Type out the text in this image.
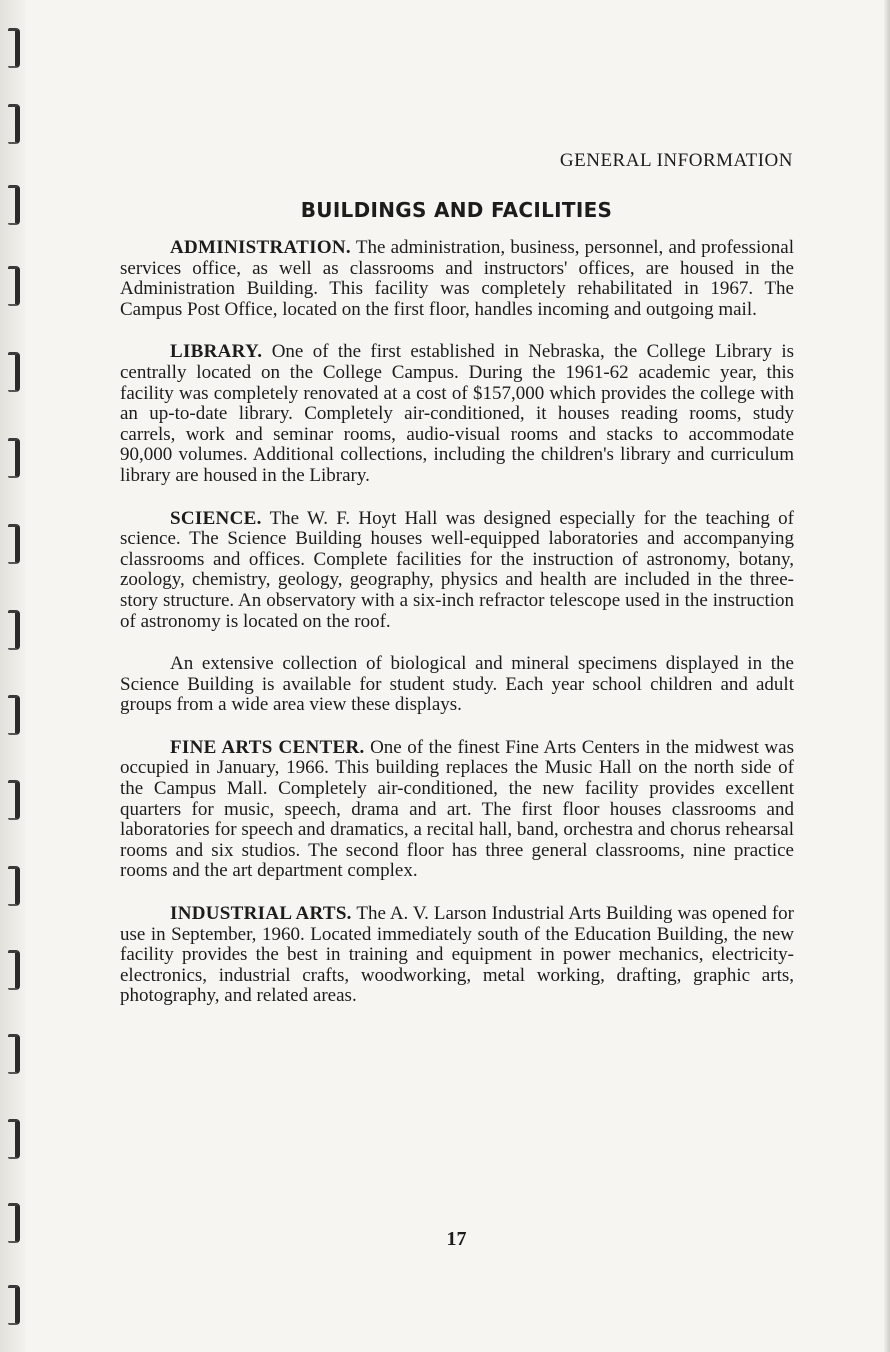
GENERAL INFORMATION
BUILDINGS AND FACILITIES

ADMINISTRATION. The administration, business, personnel, and professional services office, as well as classrooms and instructors' offices, are housed in the Administration Building. This facility was completely rehabilitated in 1967. The Campus Post Office, located on the first floor, handles incoming and outgoing mail.

LIBRARY. One of the first established in Nebraska, the College Library is centrally located on the College Campus. During the 1961-62 academic year, this facility was completely renovated at a cost of $157,000 which provides the college with an up-to-date library. Completely air-conditioned, it houses reading rooms, study carrels, work and seminar rooms, audio-visual rooms and stacks to accommodate 90,000 volumes. Additional collections, including the children's library and curriculum library are housed in the Library.

SCIENCE. The W. F. Hoyt Hall was designed especially for the teaching of science. The Science Building houses well-equipped laboratories and accompanying classrooms and offices. Complete facilities for the instruction of astronomy, botany, zoology, chemistry, geology, geography, physics and health are included in the three-story structure. An observatory with a six-inch refractor telescope used in the instruction of astronomy is located on the roof.

An extensive collection of biological and mineral specimens displayed in the Science Building is available for student study. Each year school children and adult groups from a wide area view these displays.

FINE ARTS CENTER. One of the finest Fine Arts Centers in the midwest was occupied in January, 1966. This building replaces the Music Hall on the north side of the Campus Mall. Completely air-conditioned, the new facility provides excellent quarters for music, speech, drama and art. The first floor houses classrooms and laboratories for speech and dramatics, a recital hall, band, orchestra and chorus rehearsal rooms and six studios. The second floor has three general classrooms, nine practice rooms and the art department complex.

INDUSTRIAL ARTS. The A. V. Larson Industrial Arts Building was opened for use in September, 1960. Located immediately south of the Education Building, the new facility provides the best in training and equipment in power mechanics, electricity-electronics, industrial crafts, woodworking, metal working, drafting, graphic arts, photography, and related areas.

17
